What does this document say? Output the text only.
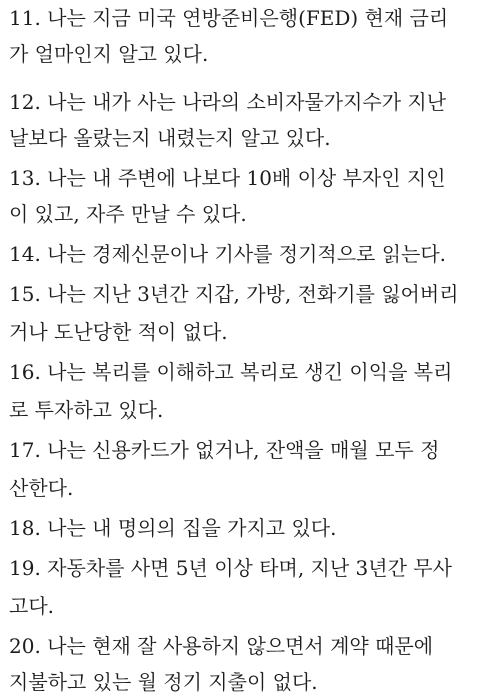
11. 나는 지금 미국 연방준비은행(FED) 현재 금리
가 얼마인지 알고 있다.
12. 나는 내가 사는 나라의 소비자물가지수가 지난
날보다 올랐는지 내렸는지 알고 있다.
13. 나는 내 주변에 나보다 10배 이상 부자인 지인
이 있고, 자주 만날 수 있다.
14. 나는 경제신문이나 기사를 정기적으로 읽는다.
15. 나는 지난 3년간 지갑, 가방, 전화기를 잃어버리
거나 도난당한 적이 없다.
16. 나는 복리를 이해하고 복리로 생긴 이익을 복리
로 투자하고 있다.
17. 나는 신용카드가 없거나, 잔액을 매월 모두 정
산한다.
18. 나는 내 명의의 집을 가지고 있다.
19. 자동차를 사면 5년 이상 타며, 지난 3년간 무사
고다.
20. 나는 현재 잘 사용하지 않으면서 계약 때문에
지불하고 있는 월 정기 지출이 없다.
